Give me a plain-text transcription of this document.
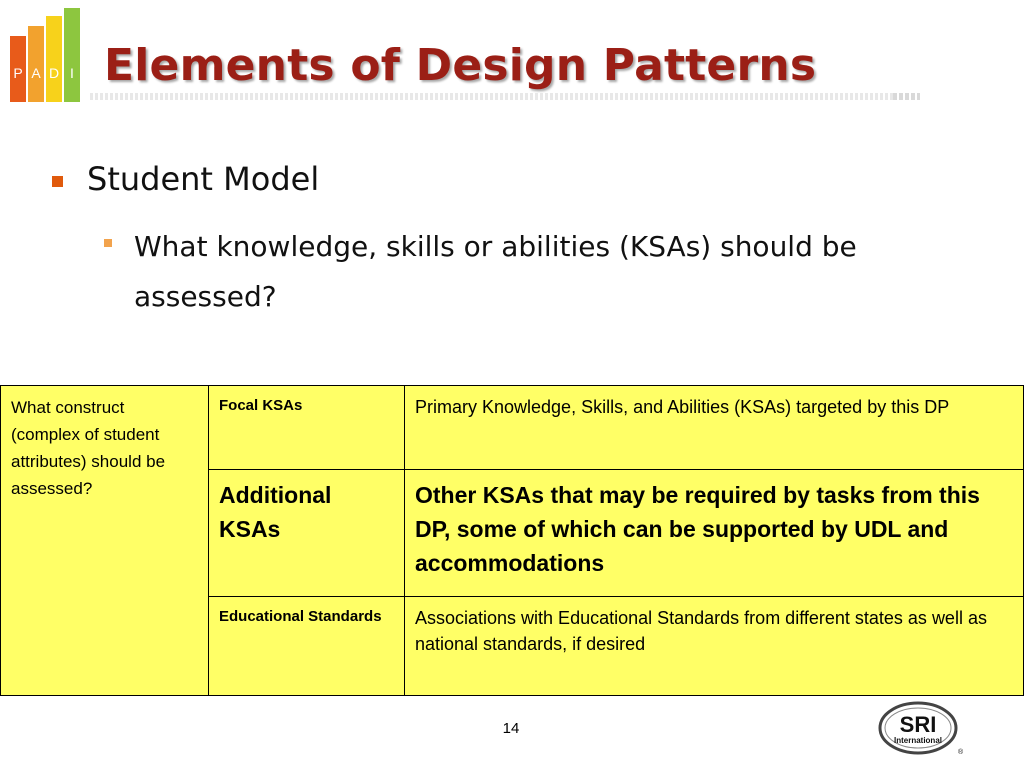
P A D I Elements of Design Patterns
Student Model
What knowledge, skills or abilities (KSAs) should be assessed?
What construct (complex of student attributes) should be assessed?	Focal KSAs	Primary Knowledge, Skills, and Abilities (KSAs) targeted by this DP
	Additional KSAs	Other KSAs that may be required by tasks from this DP, some of which can be supported by UDL and accommodations
	Educational Standards	Associations with Educational Standards from different states as well as national standards, if desired
14	SRI
International
®
